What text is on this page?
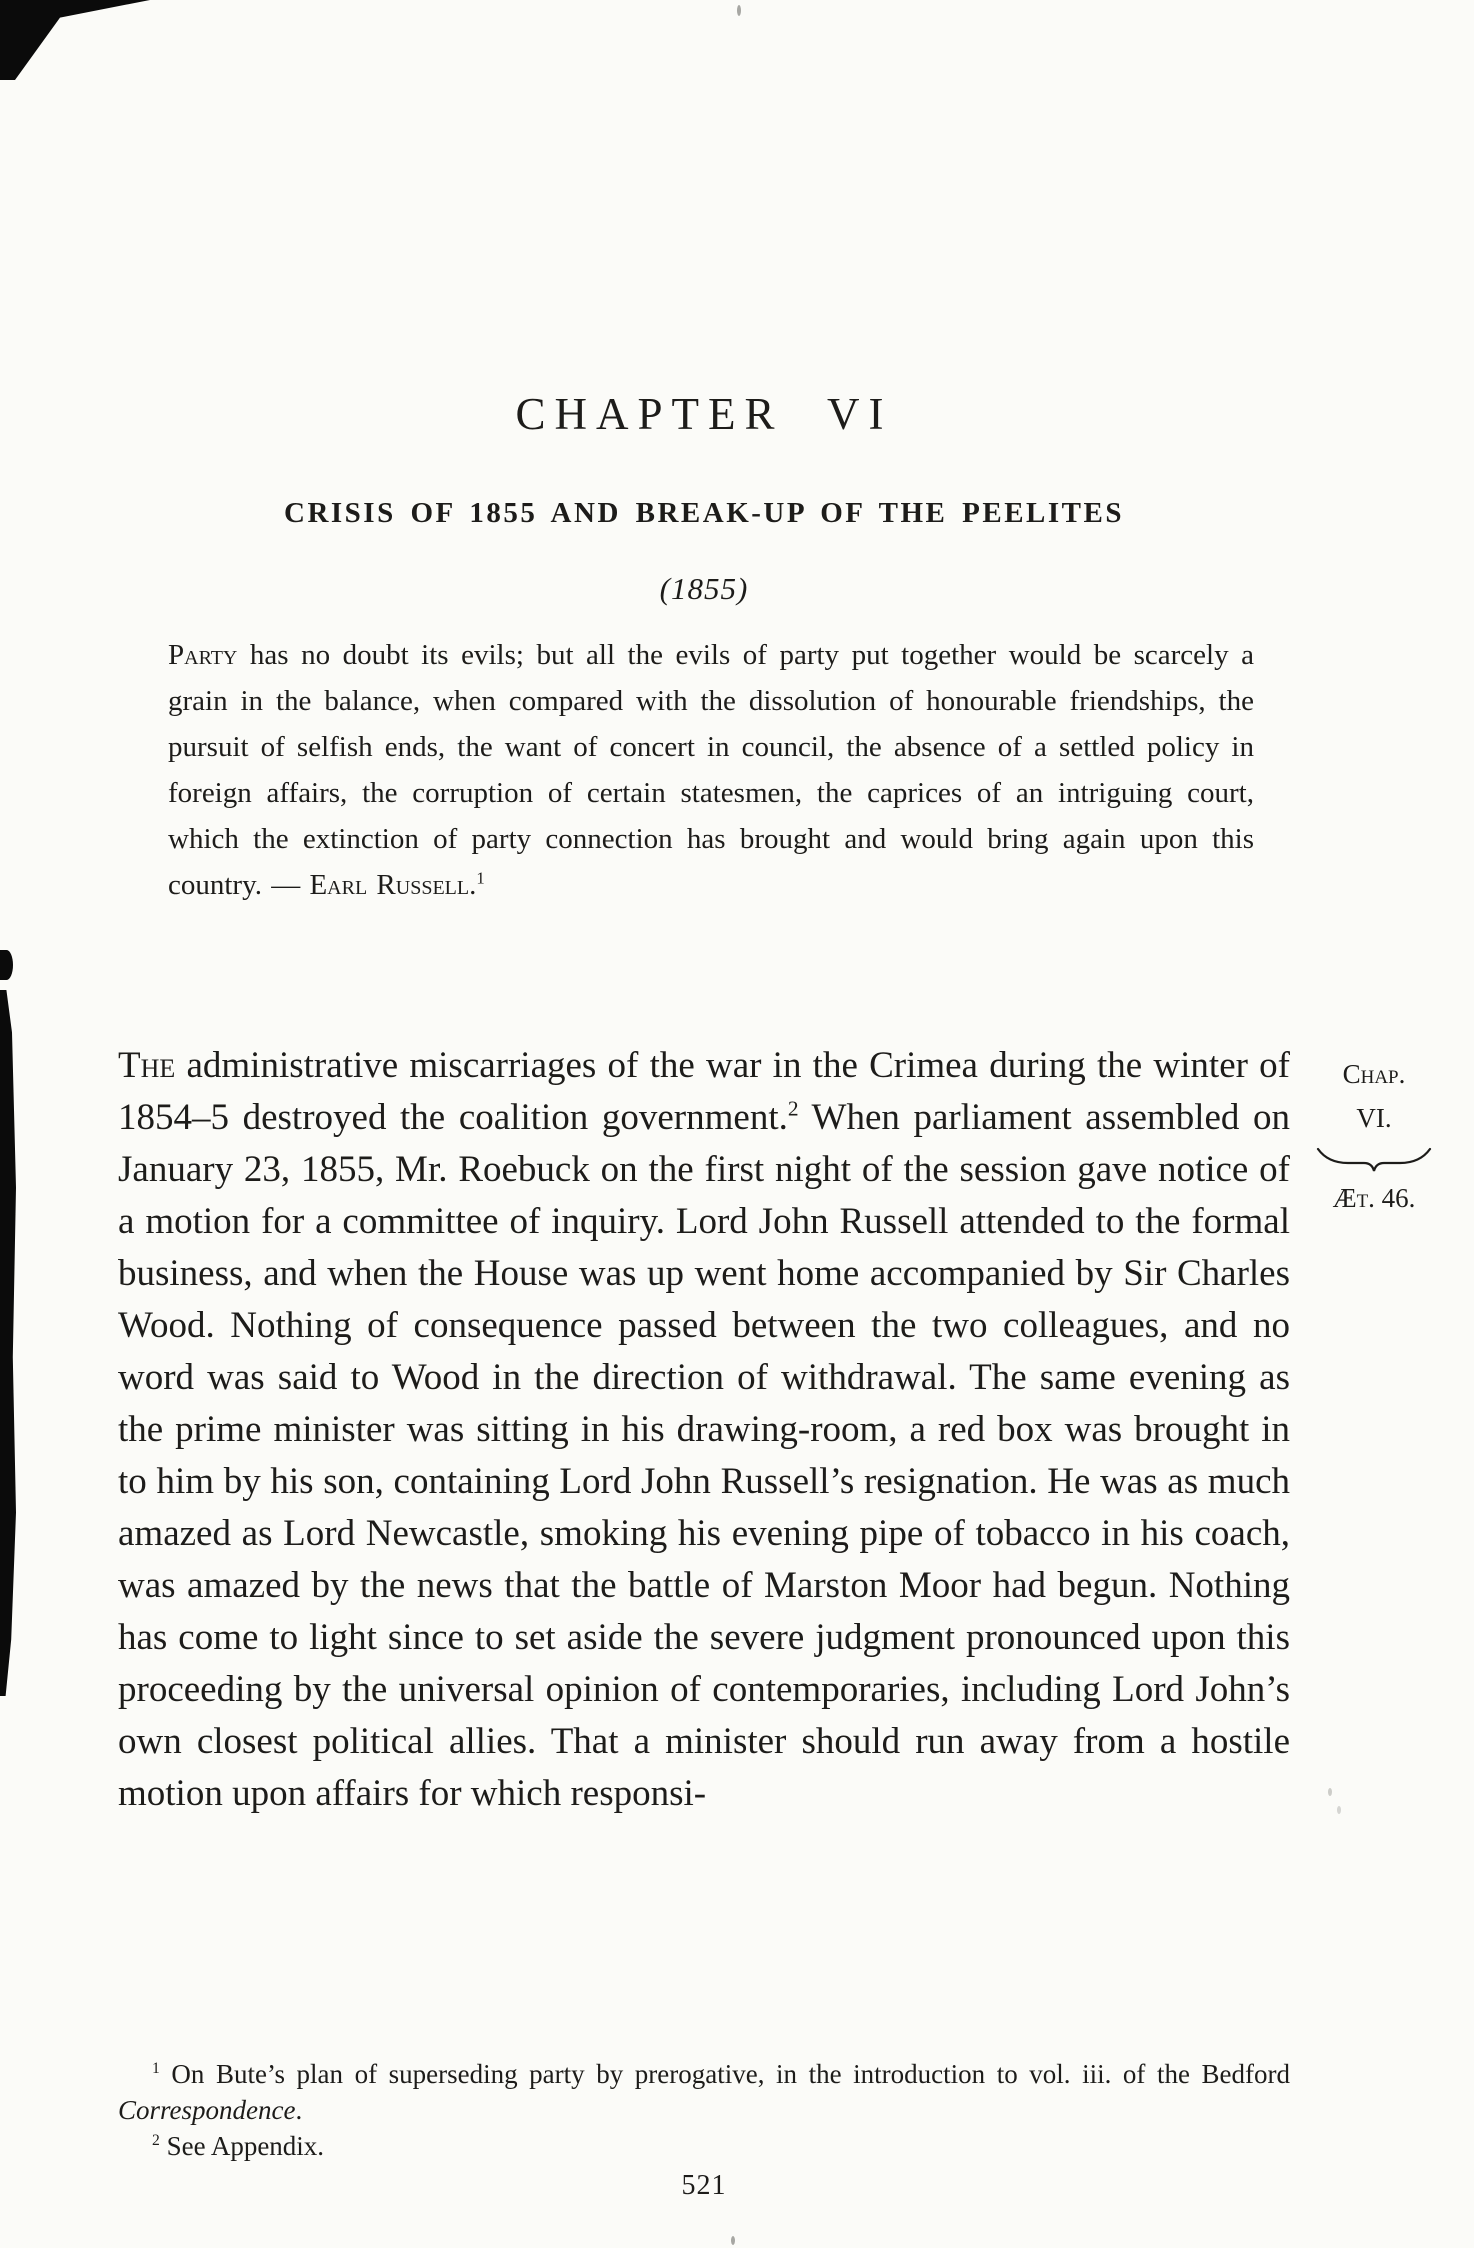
CHAPTER VI
CRISIS OF 1855 AND BREAK-UP OF THE PEELITES
(1855)
Party has no doubt its evils; but all the evils of party put together would be scarcely a grain in the balance, when compared with the dissolution of honourable friendships, the pursuit of selfish ends, the want of concert in council, the absence of a settled policy in foreign affairs, the corruption of certain statesmen, the caprices of an intriguing court, which the extinction of party connection has brought and would bring again upon this country. — Earl Russell.$^1$
The administrative miscarriages of the war in the Crimea during the winter of 1854–5 destroyed the coalition government.$^2$ When parliament assembled on January 23, 1855, Mr. Roebuck on the first night of the session gave notice of a motion for a committee of inquiry. Lord John Russell attended to the formal business, and when the House was up went home accompanied by Sir Charles Wood. Nothing of consequence passed between the two colleagues, and no word was said to Wood in the direction of withdrawal. The same evening as the prime minister was sitting in his drawing-room, a red box was brought in to him by his son, containing Lord John Russell’s resignation. He was as much amazed as Lord Newcastle, smoking his evening pipe of tobacco in his coach, was amazed by the news that the battle of Marston Moor had begun. Nothing has come to light since to set aside the severe judgment pronounced upon this proceeding by the universal opinion of contemporaries, including Lord John’s own closest political allies. That a minister should run away from a hostile motion upon affairs for which responsi-
Chap.
VI.
Æt. 46.

$^1$ On Bute’s plan of superseding party by prerogative, in the introduction to vol. iii. of the Bedford Correspondence.

$^2$ See Appendix.

521
